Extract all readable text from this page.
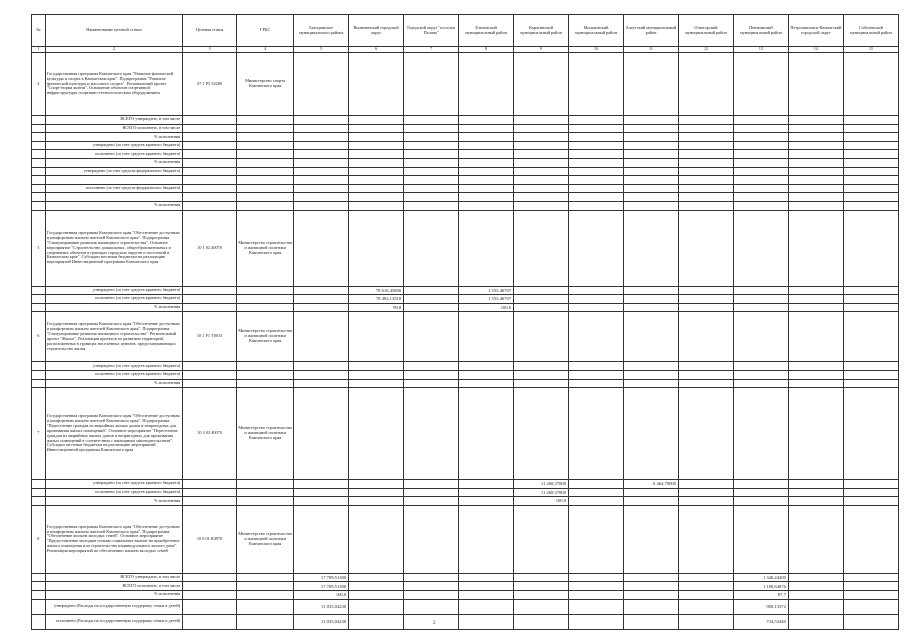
№	Наименование целевой статьи	Целевая статья	ГРБС	Быстринское муниципального района	Вилючинский городской округ	Городской округ "поселок Палана"	Елизовский муниципальный район	Карагинский муниципальный район	Мильковский муниципальный район	Алеутский муниципальный район	Олюторский муниципальный район	Пенжинский муниципальный район	Петропавловск-Камчатский городской округ	Соболевский муниципальный район
1	2	3	4	5	6	7	8	9	10	11	12	13	14	15
4	Государственная программа Камчатского края "Развитие физической культуры и спорта в Камчатском крае". Подпрограмма "Развитие физической культуры и массового спорта". Региональный проект "Спорт-норма жизни". Оснащение объектов спортивной инфраструктуры спортивно-технологическим оборудованием	07 1 P5 52280	Министерство спорта Камчатского края											
	ВСЕГО утверждено, в том числе													
	ВСЕГО исполнено, в том числе													
	% исполнения													
	утверждено (за счет средств краевого бюджета)													
	исполнено (за счет средств краевого бюджета)													
	% исполнения													
	утверждено (за счет средств федерального бюджета)													

	исполнено (за счет средств федерального бюджета)													

	% исполнения													
5	Государственная программа Камчатского края "Обеспечение доступным и комфортным жильем жителей Камчатского края". Подпрограмма "Стимулирование развития жилищного строительства". Основное мероприятие "Строительство дошкольных, общеобразовательных и спортивных объектов в границах городских округов и поселений в Камчатском крае". Субсидии местным бюджетам на реализацию мероприятий Инвестиционной программы Камчатского края	10 1 02 40070	Министерство строительства и жилищной политики Камчатского края											
	утверждено (за счет средств краевого бюджета)				78 616,45800		1 553,46707							
	исполнено (за счет средств краевого бюджета)				78 492,13510		1 553,46707							
	% исполнения				99,8		100,0							
6	Государственная программа Камчатского края "Обеспечение доступным и комфортным жильем жителей Камчатского края". Подпрограмма "Стимулирование развития жилищного строительства". Региональный проект "Жилье". Реализация проектов по развитию территорий, расположенных в границах населенных пунктов, предусматривающих строительство жилья	10 1 F1 Т0015	Министерство строительства и жилищной политики Камчатского края											
	утверждено (за счет средств краевого бюджета)													
	исполнено (за счет средств краевого бюджета)													
	% исполнения													
7	Государственная программа Камчатского края "Обеспечение доступным и комфортным жильем жителей Камчатского края". Подпрограмма "Переселение граждан из аварийных жилых домов и непригодных для проживания жилых помещений". Основное мероприятие "Переселение граждан из аварийных жилых домов и непригодных для проживания жилых помещений в соответствии с жилищным законодательством". Субсидии местным бюджетам на реализацию мероприятий Инвестиционной программы Камчатского края	10 3 03 40070	Министерство строительства и жилищной политики Камчатского края											
	утверждено (за счет средств краевого бюджета)							11 268,37800		6 464,70000				
	исполнено (за счет средств краевого бюджета)							11 268,37800						
	% исполнения							100,0						
8	Государственная программа Камчатского края "Обеспечение доступным и комфортным жильем жителей Камчатского края". Подпрограмма "Обеспечение жильем молодых семей". Основное мероприятие "Предоставление молодым семьям социальных выплат на приобретение жилого помещения или строительство индивидуального жилого дома". Реализация мероприятий по обеспечению жильем молодых семей	10 6 01 R4970	Министерство строительства и жилищной политики Камчатского края											
	ВСЕГО утверждено, в том числе			17 709,51300								1 346,24200		
	ВСЕГО исполнено, в том числе			17 709,51300								1 180,64876		
	% исполнения			100,0								87,7		
	утверждено (Расходы на государственную поддержку семьи и детей)			11 035,04230								900,13372		
	исполнено (Расходы на государственную поддержку семьи и детей)			11 035,04230								734,53440		
2
